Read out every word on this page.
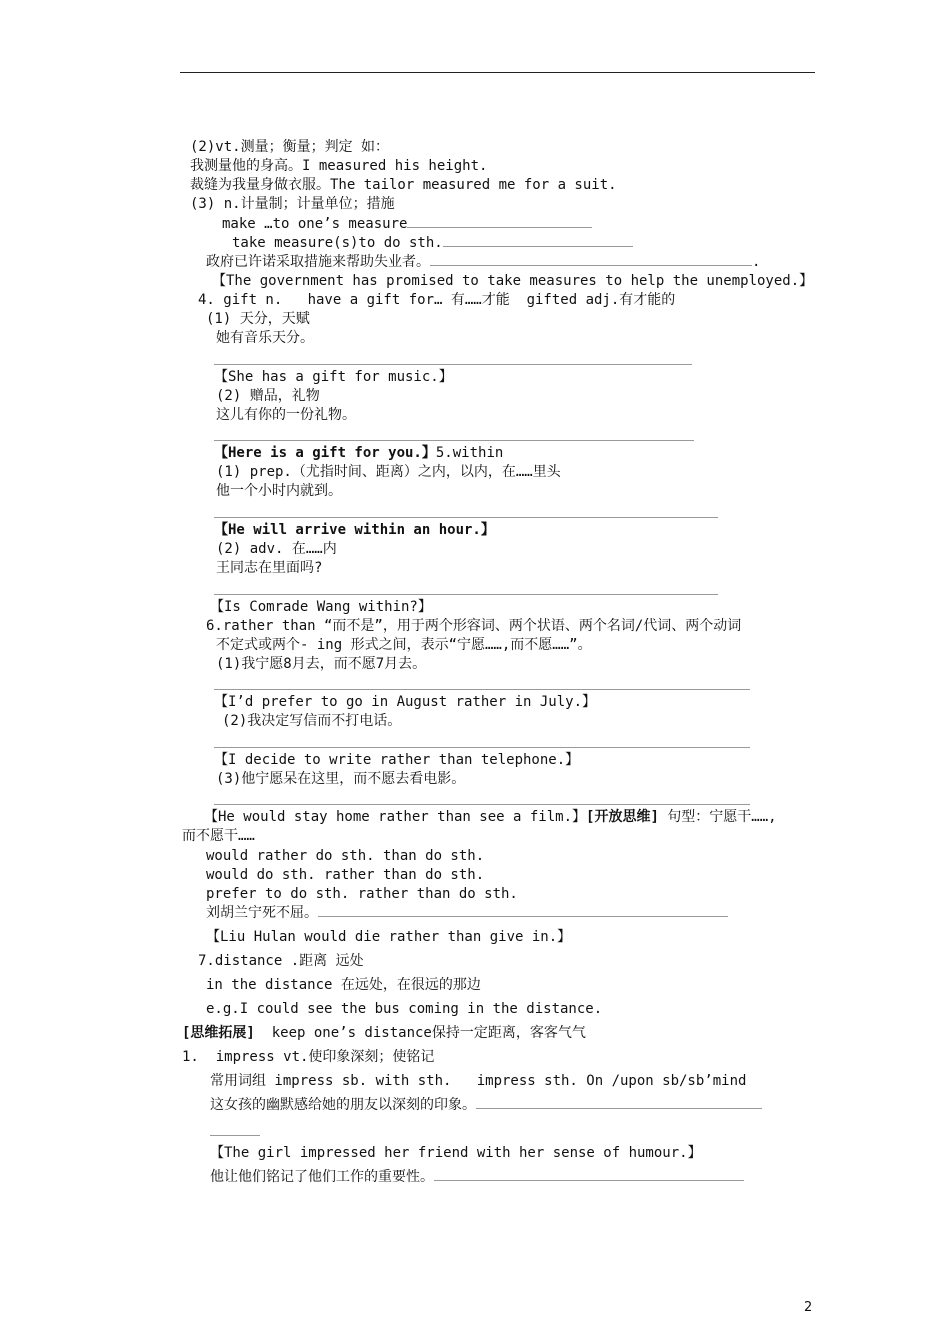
(2)vt.测量；衡量；判定 如：
我测量他的身高。I measured his height.
裁缝为我量身做衣服。The tailor measured me for a suit.
(3) n.计量制；计量单位；措施
make …to one’s measure
take measure(s)to do sth.
政府已许诺采取措施来帮助失业者。	.
【The government has promised to take measures to help the unemployed.】
4. gift n.   have a gift for… 有……才能  gifted adj.有才能的
(1) 天分，天赋
她有音乐天分。
【She has a gift for music.】
(2) 赠品，礼物
这儿有你的一份礼物。
【Here is a gift for you.】5.within
(1) prep.（尤指时间、距离）之内，以内，在……里头
他一个小时内就到。
【He will arrive within an hour.】
(2) adv. 在……内
王同志在里面吗?
【Is Comrade Wang within?】
6.rather than “而不是”，用于两个形容词、两个状语、两个名词/代词、两个动词
不定式或两个- ing 形式之间，表示“宁愿……,而不愿……”。
(1)我宁愿8月去，而不愿7月去。
【I’d prefer to go in August rather in July.】
(2)我决定写信而不打电话。
【I decide to write rather than telephone.】
(3)他宁愿呆在这里，而不愿去看电影。
【He would stay home rather than see a film.】[开放思维] 句型：宁愿干……,
而不愿干……
would rather do sth. than do sth.
would do sth. rather than do sth.
prefer to do sth. rather than do sth.
刘胡兰宁死不屈。
【Liu Hulan would die rather than give in.】
7.distance .距离 远处
in the distance 在远处，在很远的那边
e.g.I could see the bus coming in the distance.
[思维拓展]  keep one’s distance保持一定距离，客客气气
1.  impress vt.使印象深刻；使铭记
常用词组 impress sb. with sth.   impress sth. On /upon sb/sb’mind
这女孩的幽默感给她的朋友以深刻的印象。
【The girl impressed her friend with her sense of humour.】
他让他们铭记了他们工作的重要性。
2
